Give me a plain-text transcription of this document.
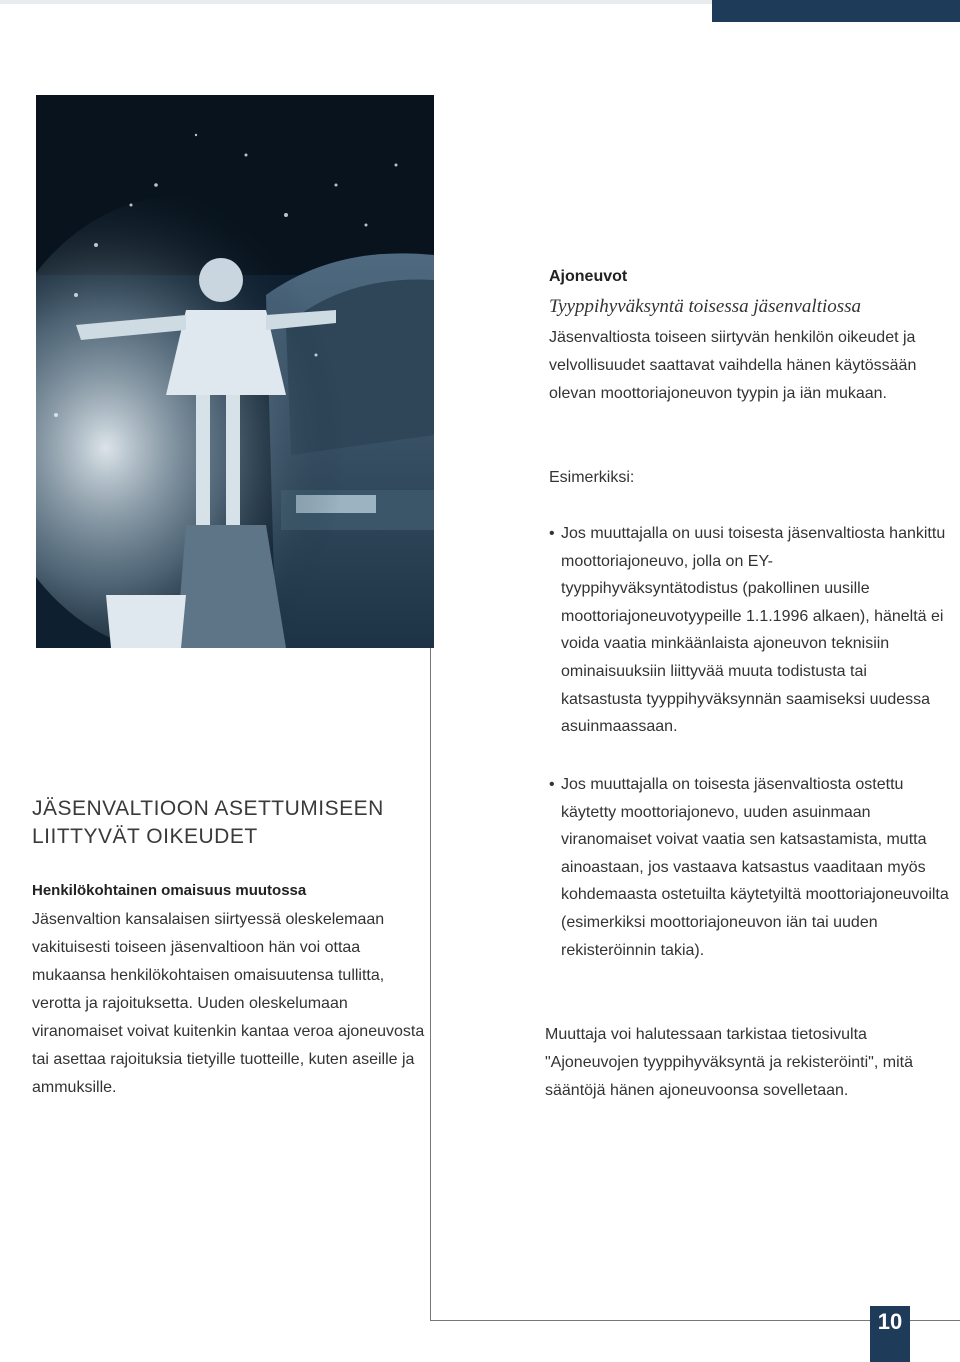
Ajoneuvot
Tyyppihyväksyntä toisessa jäsenvaltiossa

Jäsenvaltiosta toiseen siirtyvän henkilön oikeudet ja velvollisuudet saattavat vaihdella hänen käytössään olevan moottoriajoneuvon tyypin ja iän mukaan.

Esimerkiksi:

• Jos muuttajalla on uusi toisesta jäsenvaltiosta hankittu moottoriajoneuvo, jolla on EY-tyyppihyväksyntätodistus (pakollinen uusille moottoriajoneuvotyypeille 1.1.1996 alkaen), häneltä ei voida vaatia minkäänlaista ajoneuvon teknisiin ominaisuuksiin liittyvää muuta todistusta tai katsastusta tyyppihyväksynnän saamiseksi uudessa asuinmaassaan.
• Jos muuttajalla on toisesta jäsenvaltiosta ostettu käytetty moottoriajonevo, uuden asuinmaan viranomaiset voivat vaatia sen katsastamista, mutta ainoastaan, jos vastaava katsastus vaaditaan myös kohdemaasta ostetuilta käytetyiltä moottoriajoneuvoilta (esimerkiksi moottoriajoneuvon iän tai uuden rekisteröinnin takia).

Muuttaja voi halutessaan tarkistaa tietosivulta "Ajoneuvojen tyyppihyväksyntä ja rekisteröinti", mitä sääntöjä hänen ajoneuvoonsa sovelletaan.

JÄSENVALTIOON ASETTUMISEEN LIITTYVÄT OIKEUDET
Henkilökohtainen omaisuus muutossa

Jäsenvaltion kansalaisen siirtyessä oleskelemaan vakituisesti toiseen jäsenvaltioon hän voi ottaa mukaansa henkilökohtaisen omaisuutensa tullitta, verotta ja rajoituksetta. Uuden oleskelumaan viranomaiset voivat kuitenkin kantaa veroa ajoneuvosta tai asettaa rajoituksia tietyille tuotteille, kuten aseille ja ammuksille.

10
